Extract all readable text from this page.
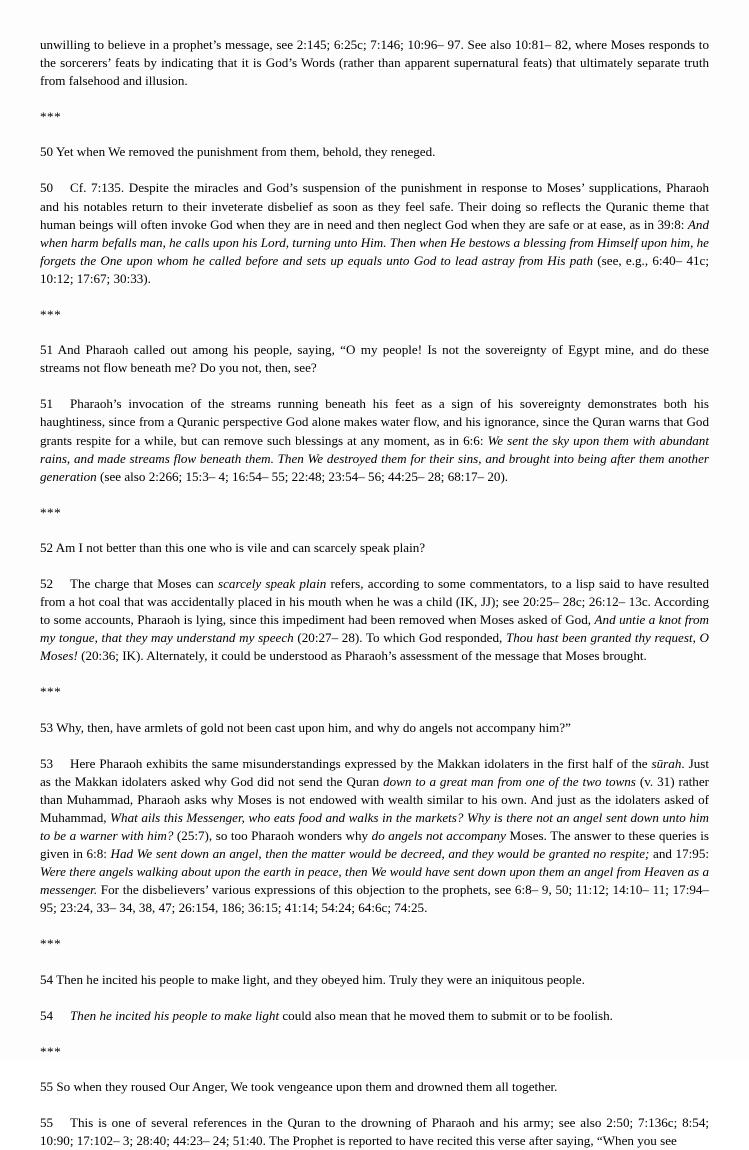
unwilling to believe in a prophet’s message, see 2:145; 6:25c; 7:146; 10:96– 97. See also 10:81– 82, where Moses responds to the sorcerers’ feats by indicating that it is God’s Words (rather than apparent supernatural feats) that ultimately separate truth from falsehood and illusion.

***

50 Yet when We removed the punishment from them, behold, they reneged.

50 Cf. 7:135. Despite the miracles and God’s suspension of the punishment in response to Moses’ supplications, Pharaoh and his notables return to their inveterate disbelief as soon as they feel safe. Their doing so reflects the Quranic theme that human beings will often invoke God when they are in need and then neglect God when they are safe or at ease, as in 39:8: And when harm befalls man, he calls upon his Lord, turning unto Him. Then when He bestows a blessing from Himself upon him, he forgets the One upon whom he called before and sets up equals unto God to lead astray from His path (see, e.g., 6:40– 41c; 10:12; 17:67; 30:33).

***

51 And Pharaoh called out among his people, saying, “O my people! Is not the sovereignty of Egypt mine, and do these streams not flow beneath me? Do you not, then, see?

51 Pharaoh’s invocation of the streams running beneath his feet as a sign of his sovereignty demonstrates both his haughtiness, since from a Quranic perspective God alone makes water flow, and his ignorance, since the Quran warns that God grants respite for a while, but can remove such blessings at any moment, as in 6:6: We sent the sky upon them with abundant rains, and made streams flow beneath them. Then We destroyed them for their sins, and brought into being after them another generation (see also 2:266; 15:3– 4; 16:54– 55; 22:48; 23:54– 56; 44:25– 28; 68:17– 20).

***

52 Am I not better than this one who is vile and can scarcely speak plain?

52 The charge that Moses can scarcely speak plain refers, according to some commentators, to a lisp said to have resulted from a hot coal that was accidentally placed in his mouth when he was a child (IK, JJ); see 20:25– 28c; 26:12– 13c. According to some accounts, Pharaoh is lying, since this impediment had been removed when Moses asked of God, And untie a knot from my tongue, that they may understand my speech (20:27– 28). To which God responded, Thou hast been granted thy request, O Moses! (20:36; IK). Alternately, it could be understood as Pharaoh’s assessment of the message that Moses brought.

***

53 Why, then, have armlets of gold not been cast upon him, and why do angels not accompany him?”

53 Here Pharaoh exhibits the same misunderstandings expressed by the Makkan idolaters in the first half of the sūrah. Just as the Makkan idolaters asked why God did not send the Quran down to a great man from one of the two towns (v. 31) rather than Muhammad, Pharaoh asks why Moses is not endowed with wealth similar to his own. And just as the idolaters asked of Muhammad, What ails this Messenger, who eats food and walks in the markets? Why is there not an angel sent down unto him to be a warner with him? (25:7), so too Pharaoh wonders why do angels not accompany Moses. The answer to these queries is given in 6:8: Had We sent down an angel, then the matter would be decreed, and they would be granted no respite; and 17:95: Were there angels walking about upon the earth in peace, then We would have sent down upon them an angel from Heaven as a messenger. For the disbelievers’ various expressions of this objection to the prophets, see 6:8– 9, 50; 11:12; 14:10– 11; 17:94– 95; 23:24, 33– 34, 38, 47; 26:154, 186; 36:15; 41:14; 54:24; 64:6c; 74:25.

***

54 Then he incited his people to make light, and they obeyed him. Truly they were an iniquitous people.

54 Then he incited his people to make light could also mean that he moved them to submit or to be foolish.

***

55 So when they roused Our Anger, We took vengeance upon them and drowned them all together.

55 This is one of several references in the Quran to the drowning of Pharaoh and his army; see also 2:50; 7:136c; 8:54; 10:90; 17:102– 3; 28:40; 44:23– 24; 51:40. The Prophet is reported to have recited this verse after saying, “When you see
